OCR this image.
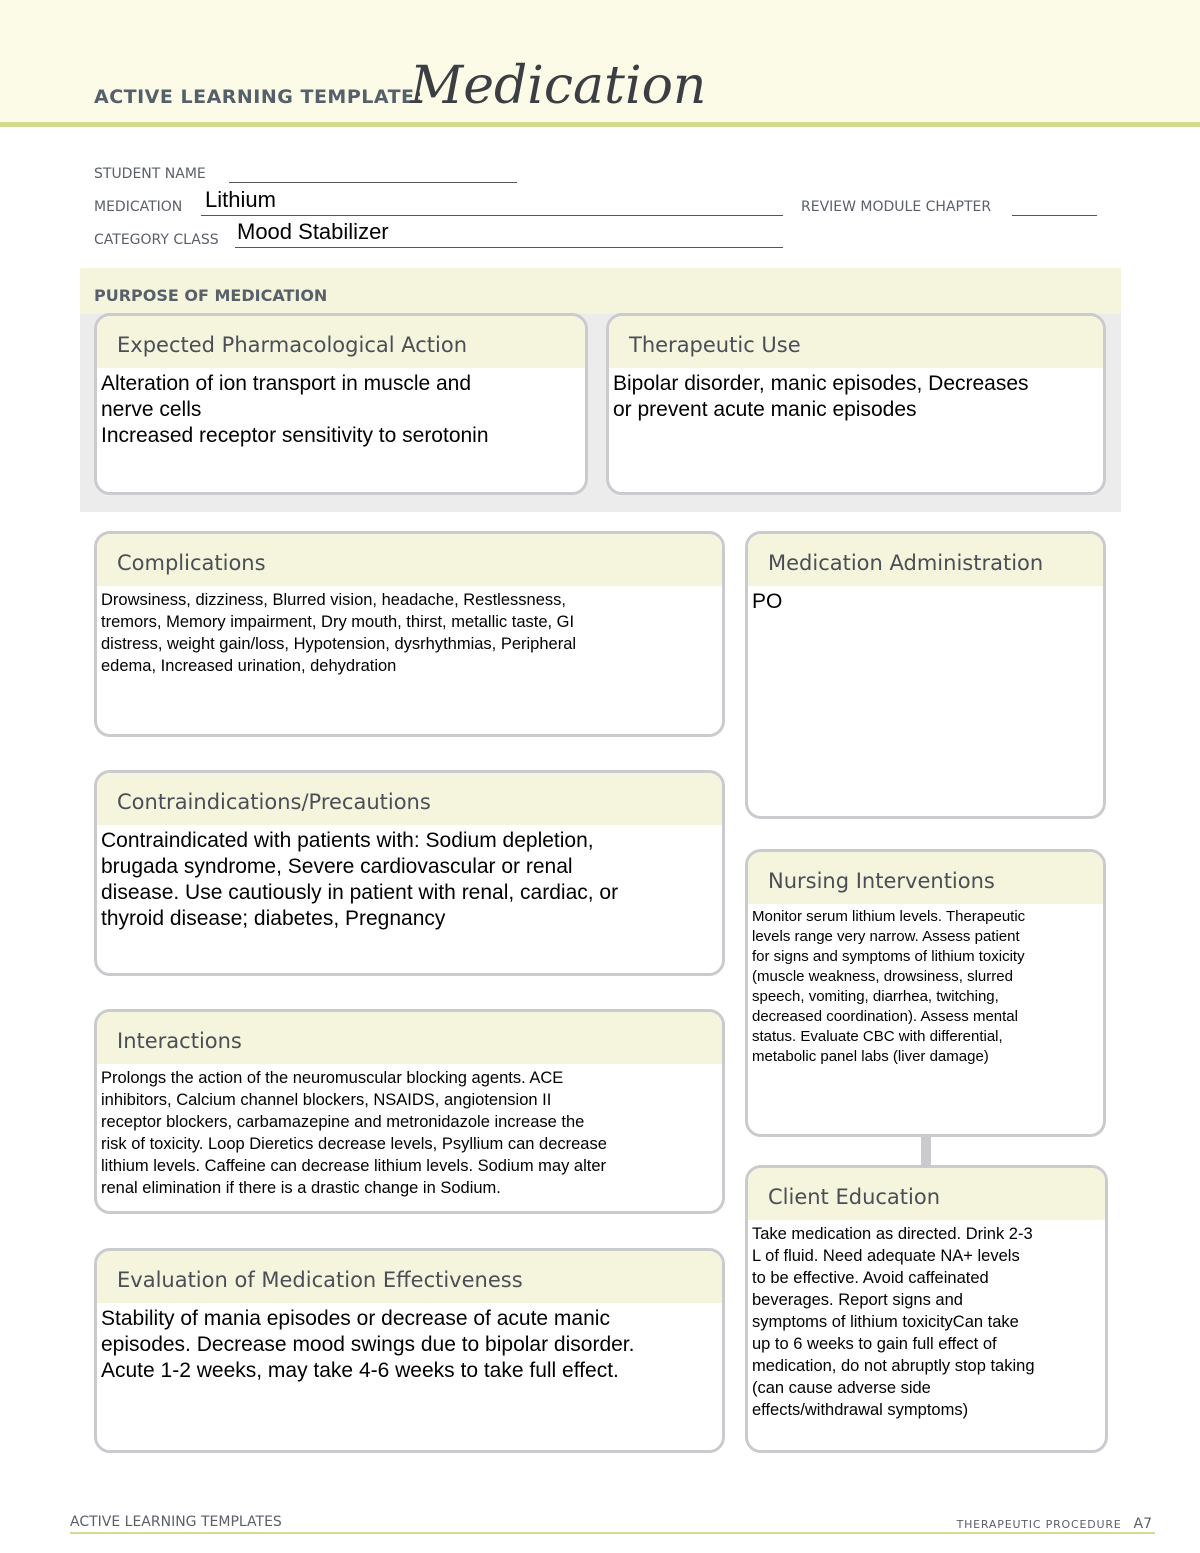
ACTIVE LEARNING TEMPLATE:
Medication
STUDENT NAME
MEDICATION Lithium	REVIEW MODULE CHAPTER
CATEGORY CLASS Mood Stabilizer
PURPOSE OF MEDICATION
Expected Pharmacological Action
Alteration of ion transport in muscle and
nerve cells
Increased receptor sensitivity to serotonin
Therapeutic Use
Bipolar disorder, manic episodes, Decreases
or prevent acute manic episodes
Complications
Drowsiness, dizziness, Blurred vision, headache, Restlessness,
tremors, Memory impairment, Dry mouth, thirst, metallic taste, GI
distress, weight gain/loss, Hypotension, dysrhythmias, Peripheral
edema, Increased urination, dehydration
Contraindications/Precautions
Contraindicated with patients with: Sodium depletion,
brugada syndrome, Severe cardiovascular or renal
disease. Use cautiously in patient with renal, cardiac, or
thyroid disease; diabetes, Pregnancy
Interactions
Prolongs the action of the neuromuscular blocking agents. ACE
inhibitors, Calcium channel blockers, NSAIDS, angiotension II
receptor blockers, carbamazepine and metronidazole increase the
risk of toxicity. Loop Dieretics decrease levels, Psyllium can decrease
lithium levels. Caffeine can decrease lithium levels. Sodium may alter
renal elimination if there is a drastic change in Sodium.
Evaluation of Medication Effectiveness
Stability of mania episodes or decrease of acute manic
episodes. Decrease mood swings due to bipolar disorder.
Acute 1-2 weeks, may take 4-6 weeks to take full effect.
Medication Administration
PO
Nursing Interventions
Monitor serum lithium levels. Therapeutic
levels range very narrow. Assess patient
for signs and symptoms of lithium toxicity
(muscle weakness, drowsiness, slurred
speech, vomiting, diarrhea, twitching,
decreased coordination). Assess mental
status. Evaluate CBC with differential,
metabolic panel labs (liver damage)
Client Education
Take medication as directed. Drink 2-3
L of fluid. Need adequate NA+ levels
to be effective. Avoid caffeinated
beverages. Report signs and
symptoms of lithium toxicityCan take
up to 6 weeks to gain full effect of
medication, do not abruptly stop taking
(can cause adverse side
effects/withdrawal symptoms)
ACTIVE LEARNING TEMPLATES	THERAPEUTIC PROCEDURE A7
